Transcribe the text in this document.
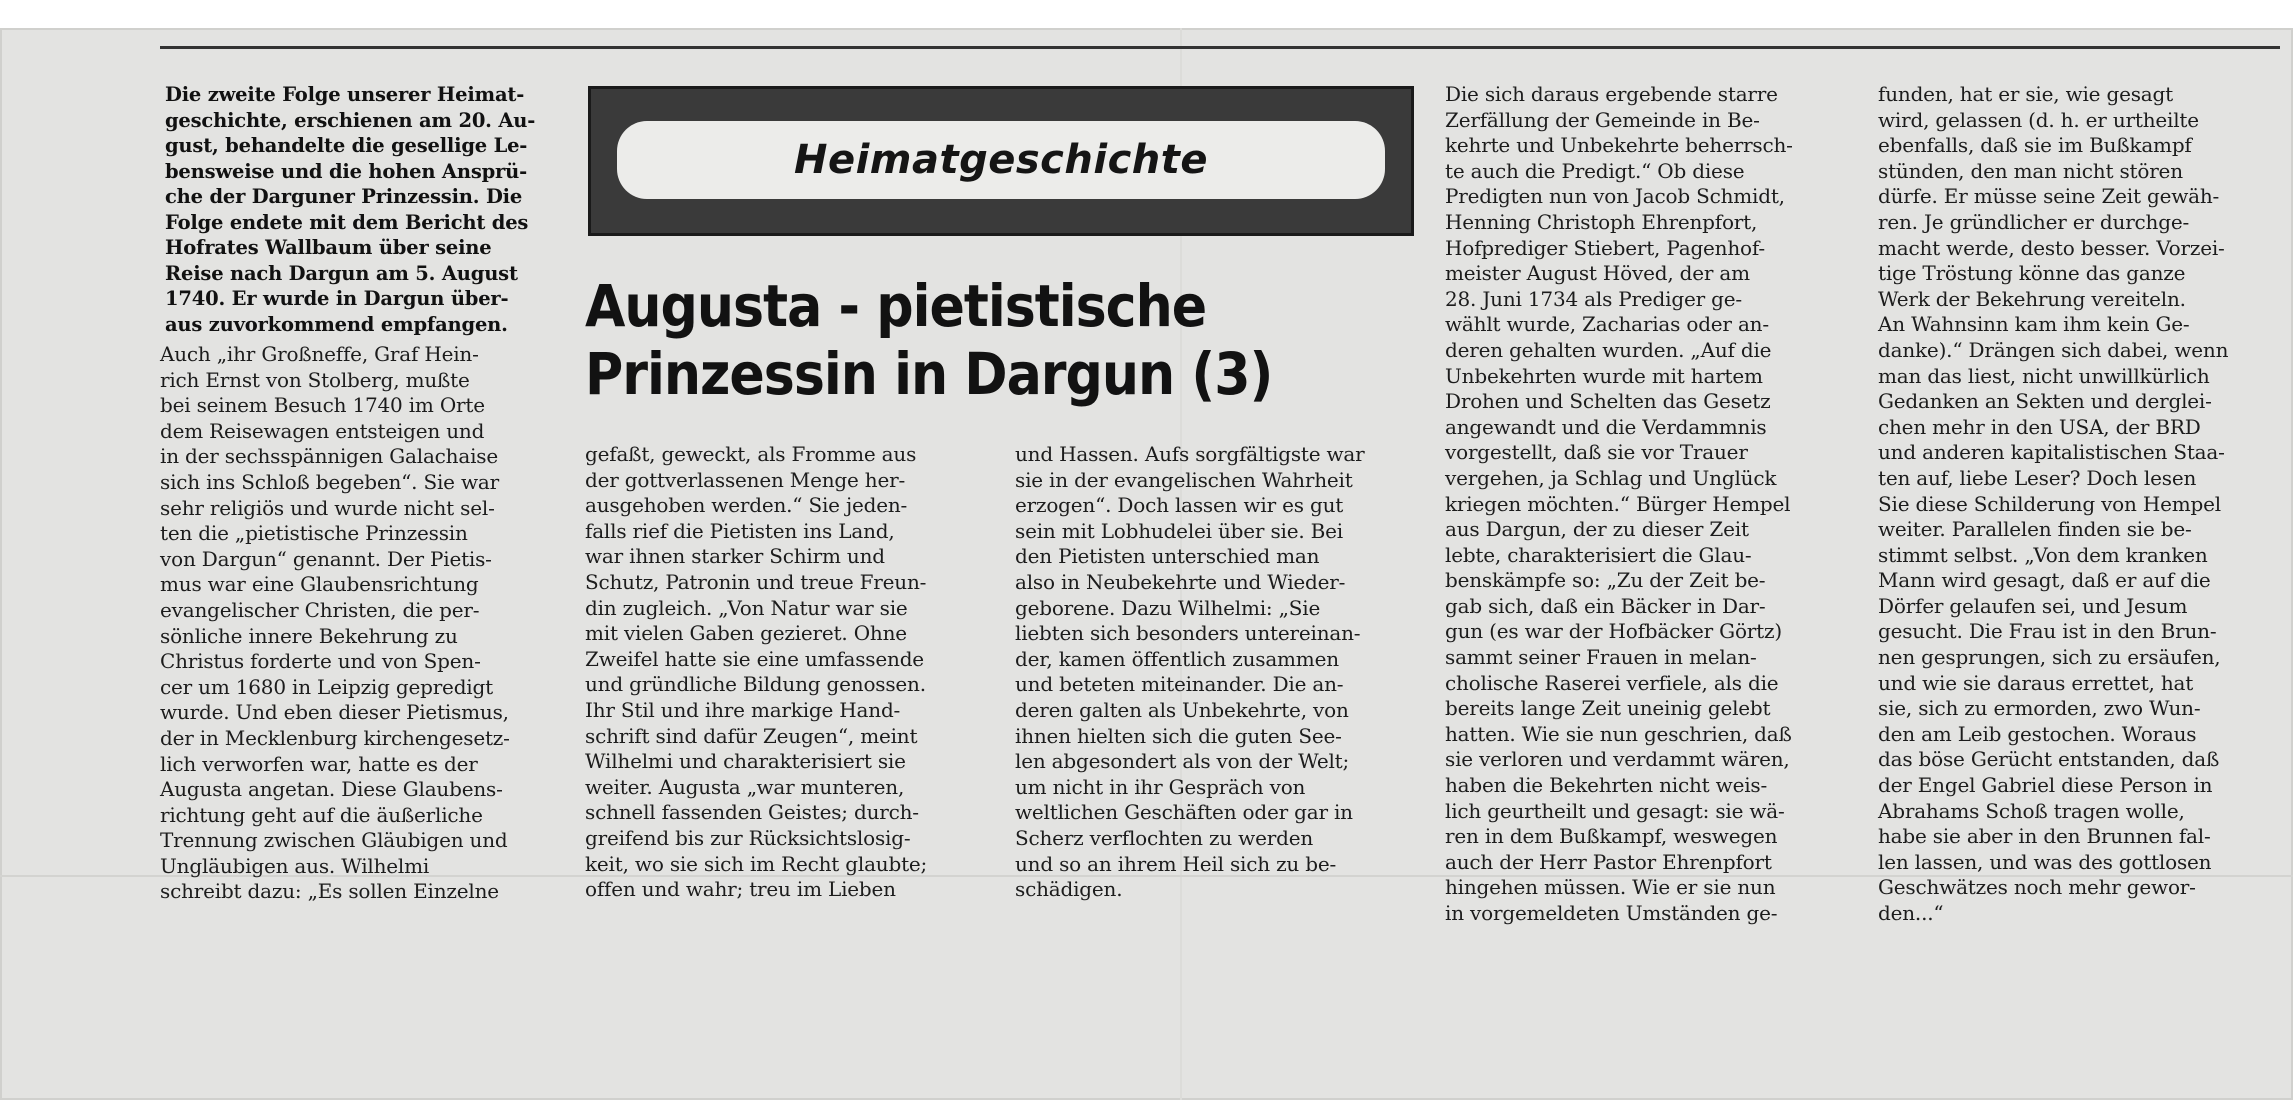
Die zweite Folge unserer Heimat-
geschichte, erschienen am 20. Au-
gust, behandelte die gesellige Le-
bensweise und die hohen Ansprü-
che der Darguner Prinzessin. Die
Folge endete mit dem Bericht des
Hofrates Wallbaum über seine
Reise nach Dargun am 5. August
1740. Er wurde in Dargun über-
aus zuvorkommend empfangen.

Heimatgeschichte
Augusta - pietistische
Prinzessin in Dargun (3)

Auch „ihr Großneffe, Graf Hein-
rich Ernst von Stolberg, mußte
bei seinem Besuch 1740 im Orte
dem Reisewagen entsteigen und
in der sechsspännigen Galachaise
sich ins Schloß begeben“. Sie war
sehr religiös und wurde nicht sel-
ten die „pietistische Prinzessin
von Dargun“ genannt. Der Pietis-
mus war eine Glaubensrichtung
evangelischer Christen, die per-
sönliche innere Bekehrung zu
Christus forderte und von Spen-
cer um 1680 in Leipzig gepredigt
wurde. Und eben dieser Pietismus,
der in Mecklenburg kirchengesetz-
lich verworfen war, hatte es der
Augusta angetan. Diese Glaubens-
richtung geht auf die äußerliche
Trennung zwischen Gläubigen und
Ungläubigen aus. Wilhelmi
schreibt dazu: „Es sollen Einzelne

gefaßt, geweckt, als Fromme aus
der gottverlassenen Menge her-
ausgehoben werden.“ Sie jeden-
falls rief die Pietisten ins Land,
war ihnen starker Schirm und
Schutz, Patronin und treue Freun-
din zugleich. „Von Natur war sie
mit vielen Gaben gezieret. Ohne
Zweifel hatte sie eine umfassende
und gründliche Bildung genossen.
Ihr Stil und ihre markige Hand-
schrift sind dafür Zeugen“, meint
Wilhelmi und charakterisiert sie
weiter. Augusta „war munteren,
schnell fassenden Geistes; durch-
greifend bis zur Rücksichtslosig-
keit, wo sie sich im Recht glaubte;
offen und wahr; treu im Lieben

und Hassen. Aufs sorgfältigste war
sie in der evangelischen Wahrheit
erzogen“. Doch lassen wir es gut
sein mit Lobhudelei über sie. Bei
den Pietisten unterschied man
also in Neubekehrte und Wieder-
geborene. Dazu Wilhelmi: „Sie
liebten sich besonders untereinan-
der, kamen öffentlich zusammen
und beteten miteinander. Die an-
deren galten als Unbekehrte, von
ihnen hielten sich die guten See-
len abgesondert als von der Welt;
um nicht in ihr Gespräch von
weltlichen Geschäften oder gar in
Scherz verflochten zu werden
und so an ihrem Heil sich zu be-
schädigen.

Die sich daraus ergebende starre
Zerfällung der Gemeinde in Be-
kehrte und Unbekehrte beherrsch-
te auch die Predigt.“ Ob diese
Predigten nun von Jacob Schmidt,
Henning Christoph Ehrenpfort,
Hofprediger Stiebert, Pagenhof-
meister August Höved, der am
28. Juni 1734 als Prediger ge-
wählt wurde, Zacharias oder an-
deren gehalten wurden. „Auf die
Unbekehrten wurde mit hartem
Drohen und Schelten das Gesetz
angewandt und die Verdammnis
vorgestellt, daß sie vor Trauer
vergehen, ja Schlag und Unglück
kriegen möchten.“ Bürger Hempel
aus Dargun, der zu dieser Zeit
lebte, charakterisiert die Glau-
benskämpfe so: „Zu der Zeit be-
gab sich, daß ein Bäcker in Dar-
gun (es war der Hofbäcker Görtz)
sammt seiner Frauen in melan-
cholische Raserei verfiele, als die
bereits lange Zeit uneinig gelebt
hatten. Wie sie nun geschrien, daß
sie verloren und verdammt wären,
haben die Bekehrten nicht weis-
lich geurtheilt und gesagt: sie wä-
ren in dem Bußkampf, weswegen
auch der Herr Pastor Ehrenpfort
hingehen müssen. Wie er sie nun
in vorgemeldeten Umständen ge-

funden, hat er sie, wie gesagt
wird, gelassen (d. h. er urtheilte
ebenfalls, daß sie im Bußkampf
stünden, den man nicht stören
dürfe. Er müsse seine Zeit gewäh-
ren. Je gründlicher er durchge-
macht werde, desto besser. Vorzei-
tige Tröstung könne das ganze
Werk der Bekehrung vereiteln.
An Wahnsinn kam ihm kein Ge-
danke).“ Drängen sich dabei, wenn
man das liest, nicht unwillkürlich
Gedanken an Sekten und derglei-
chen mehr in den USA, der BRD
und anderen kapitalistischen Staa-
ten auf, liebe Leser? Doch lesen
Sie diese Schilderung von Hempel
weiter. Parallelen finden sie be-
stimmt selbst. „Von dem kranken
Mann wird gesagt, daß er auf die
Dörfer gelaufen sei, und Jesum
gesucht. Die Frau ist in den Brun-
nen gesprungen, sich zu ersäufen,
und wie sie daraus errettet, hat
sie, sich zu ermorden, zwo Wun-
den am Leib gestochen. Woraus
das böse Gerücht entstanden, daß
der Engel Gabriel diese Person in
Abrahams Schoß tragen wolle,
habe sie aber in den Brunnen fal-
len lassen, und was des gottlosen
Geschwätzes noch mehr gewor-
den...“
